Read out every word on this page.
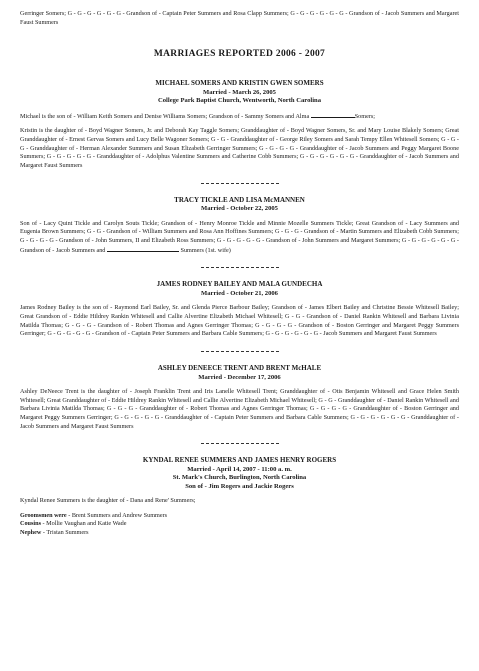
Gerringer Somers; G - G - G - G - G - G - Grandson of - Captain Peter Summers and Rosa Clapp Summers; G - G - G - G - G - G - Grandson of - Jacob Summers and Margaret Faust Summers

MARRIAGES REPORTED 2006 - 2007
MICHAEL SOMERS AND KRISTIN GWEN SOMERS
Married - March 26, 2005
College Park Baptist Church, Wentworth, North Carolina

Michael is the son of - William Keith Somers and Denise Williams Somers; Grandson of - Sammy Somers and Alma	Somers;

Kristin is the daughter of - Boyd Wagner Somers, Jr. and Deborah Kay Taggle Somers; Granddaughter of - Boyd Wagner Somers, Sr. and Mary Louise Blakely Somers; Great Granddaughter of - Ernest Gervas Somers and Lucy Belle Wagoner Somers; G - G - Granddaughter of - George Riley Somers and Sarah Tempy Ellen Whitesell Somers; G - G - G - Granddaughter of - Herman Alexander Summers and Susan Elizabeth Gerringer Summers; G - G - G - G - Granddaughter of - Jacob Summers and Peggy Margaret Boone Summers; G - G - G - G - G - Granddaughter of - Adolphus Valentine Summers and Catherine Cobb Summers; G - G - G - G - G - G - Granddaughter of - Jacob Summers and Margaret Faust Summers

TRACY TICKLE AND LISA McMANNEN
Married - October 22, 2005

Son of - Lacy Quint Tickle and Carolyn Souts Tickle; Grandson of - Henry Monroe Tickle and Minnie Mozelle Summers Tickle; Great Grandson of - Lacy Summers and Eugenia Brown Summers; G - G - Grandson of - William Summers and Rosa Ann Hoffines Summers; G - G - G - Grandson of - Martin Summers and Elizabeth Cobb Summers; G - G - G - G - Grandson of - John Summers, II and Elizabeth Ross Summers; G - G - G - G - G - Grandson of - John Summers and Margaret Summers; G - G - G - G - G - G - Grandson of - Jacob Summers and	Summers (1st. wife)

JAMES RODNEY BAILEY AND MALA GUNDECHA
Married - October 21, 2006

James Rodney Bailey is the son of - Raymond Earl Bailey, Sr. and Glenda Pierce Barbour Bailey; Grandson of - James Elbert Bailey and Christine Bessie Whitesell Bailey; Great Grandson of - Eddie Hildrey Rankin Whitesell and Callie Alvertine Elizabeth Michael Whitesell; G - G - Grandson of - Daniel Rankin Whitesell and Barbara Livinia Matilda Thomas; G - G - G - Grandson of - Robert Thomas and Agnes Gerringer Thomas; G - G - G - G - Grandson of - Boston Gerringer and Margaret Peggy Summers Gerringer; G - G - G - G - G - Grandson of - Captain Peter Summers and Barbara Cable Summers; G - G - G - G - G - G - Jacob Summers and Margaret Faust Summers

ASHLEY DENEECE TRENT AND BRENT McHALE
Married - December 17, 2006

Ashley DeNeece Trent is the daughter of - Joseph Franklin Trent and Iris Lanelle Whitesell Trent; Granddaughter of - Otis Benjamin Whitesell and Grace Helen Smith Whitesell; Great Granddaughter of - Eddie Hildrey Rankin Whitesell and Callie Alvertine Elizabeth Michael Whitesell; G - G - Granddaughter of - Daniel Rankin Whitesell and Barbara Livinia Matilda Thomas; G - G - G - Granddaughter of - Robert Thomas and Agnes Gerringer Thomas; G - G - G - G - Granddaughter of - Boston Gerringer and Margaret Peggy Summers Gerringer; G - G - G - G - G - Granddaughter of - Captain Peter Summers and Barbara Cable Summers; G - G - G - G - G - G - Granddaughter of - Jacob Summers and Margaret Faust Summers

KYNDAL RENEE SUMMERS AND JAMES HENRY ROGERS
Married - April 14, 2007 - 11:00 a. m.
St. Mark's Church, Burlington, North Carolina
Son of - Jim Rogers and Jackie Rogers

Kyndal Renee Summers is the daughter of - Dana and Rene' Summers;

Groomsmen were - Brent Summers and Andrew Summers

Cousins - Mollie Vaughan and Katie Wade

Nephew - Tristan Summers
